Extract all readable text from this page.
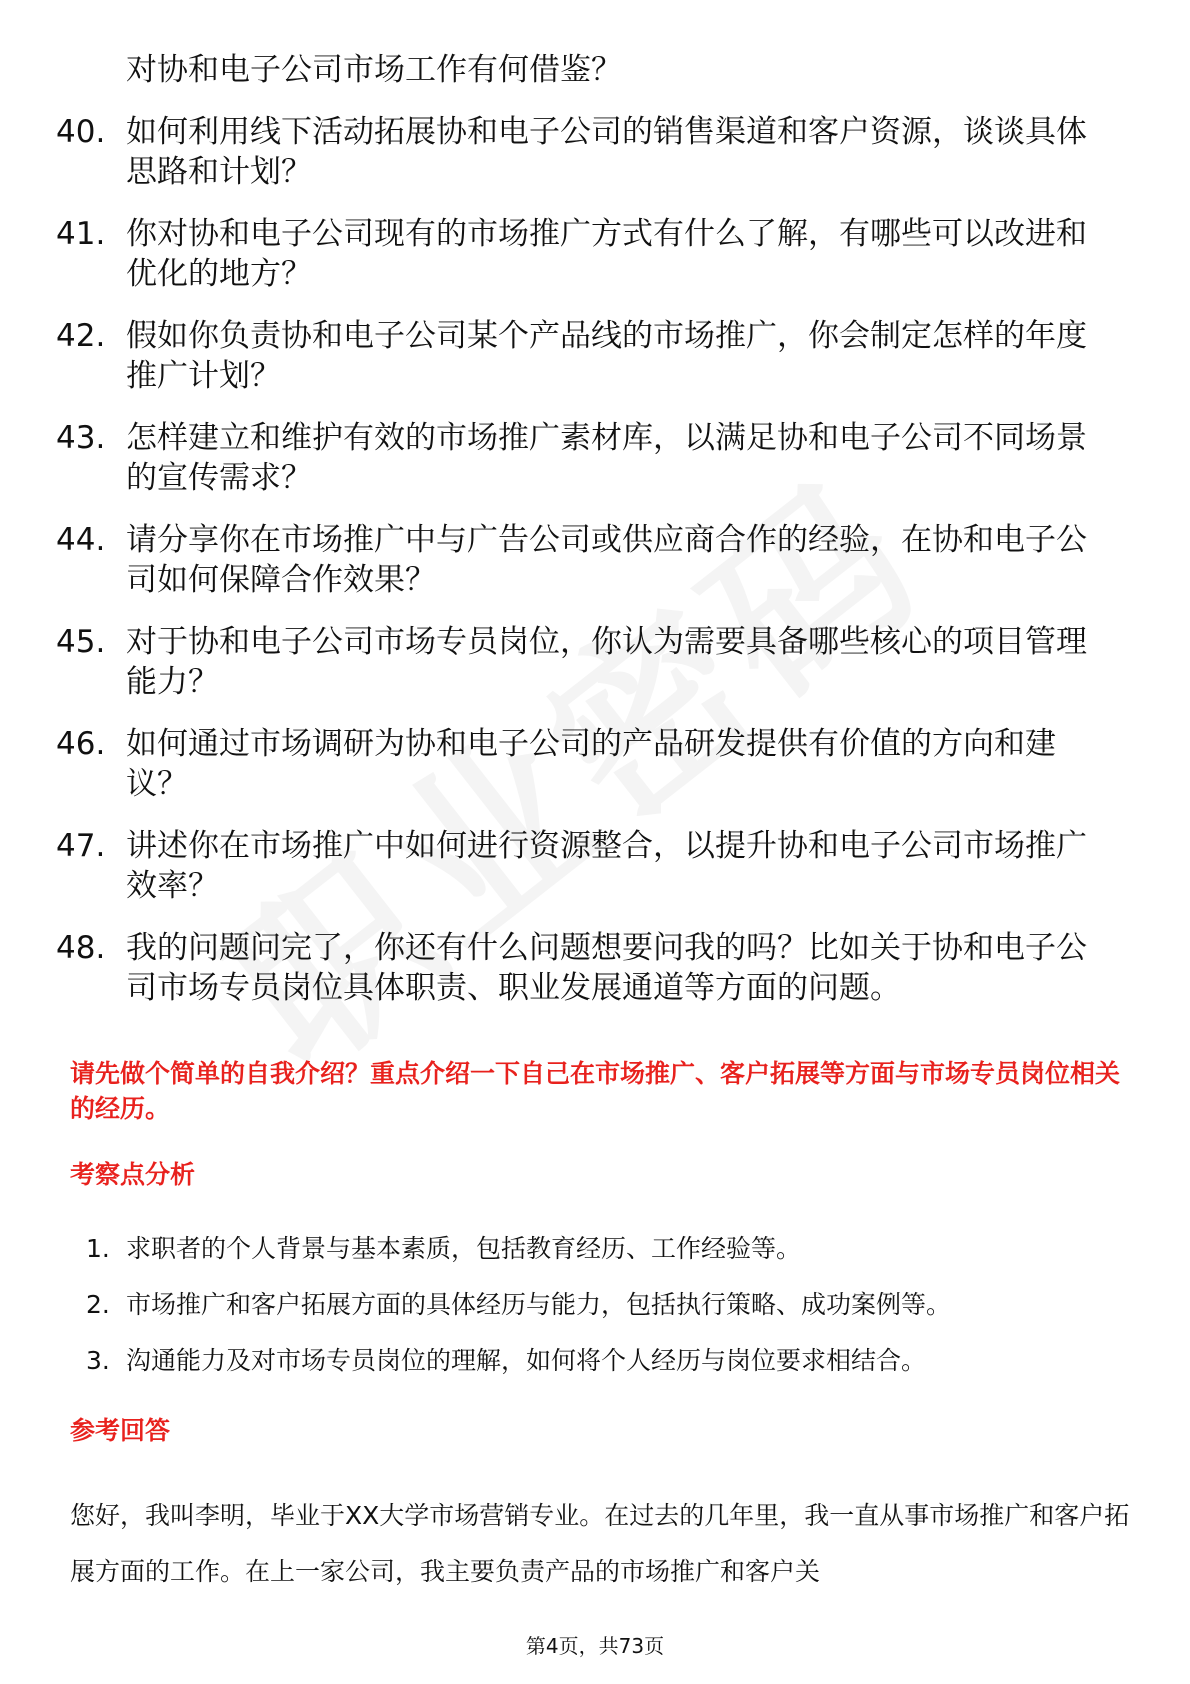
对协和电子公司市场工作有何借鉴？
40. 如何利用线下活动拓展协和电子公司的销售渠道和客户资源，谈谈具体思路和计划？
41. 你对协和电子公司现有的市场推广方式有什么了解，有哪些可以改进和优化的地方？
42. 假如你负责协和电子公司某个产品线的市场推广，你会制定怎样的年度推广计划？
43. 怎样建立和维护有效的市场推广素材库，以满足协和电子公司不同场景的宣传需求？
44. 请分享你在市场推广中与广告公司或供应商合作的经验，在协和电子公司如何保障合作效果？
45. 对于协和电子公司市场专员岗位，你认为需要具备哪些核心的项目管理能力？
46. 如何通过市场调研为协和电子公司的产品研发提供有价值的方向和建议？
47. 讲述你在市场推广中如何进行资源整合，以提升协和电子公司市场推广效率？
48. 我的问题问完了，你还有什么问题想要问我的吗？比如关于协和电子公司市场专员岗位具体职责、职业发展通道等方面的问题。
请先做个简单的自我介绍？重点介绍一下自己在市场推广、客户拓展等方面与市场专员岗位相关的经历。
考察点分析
1. 求职者的个人背景与基本素质，包括教育经历、工作经验等。
2. 市场推广和客户拓展方面的具体经历与能力，包括执行策略、成功案例等。
3. 沟通能力及对市场专员岗位的理解，如何将个人经历与岗位要求相结合。
参考回答
您好，我叫李明，毕业于XX大学市场营销专业。在过去的几年里，我一直从事市场推广和客户拓展方面的工作。在上一家公司，我主要负责产品的市场推广和客户关
第4页，共73页
